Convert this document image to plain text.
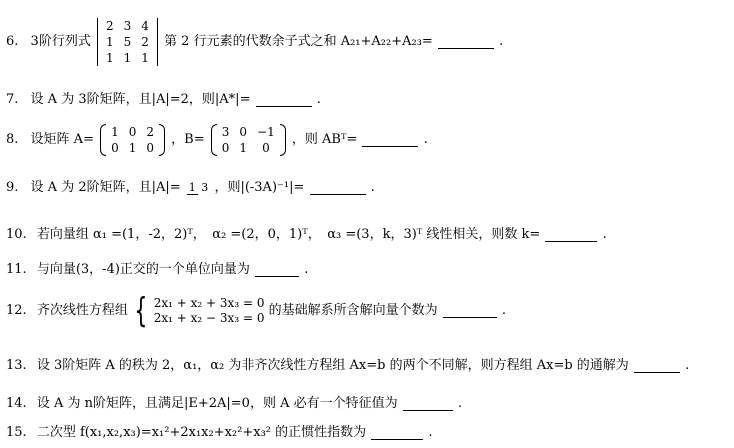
6. 3阶行列式
2	3	4
1	5	2
1	1	1
第 2 行元素的代数余子式之和 A₂₁+A₂₂+A₂₃=	.
7. 设 A 为 3阶矩阵，且|A|=2，则|A*|=	.
8. 设矩阵 A= 1	0	2
0	1	0
，B= 3	0	−1
0	1	0
，则 ABᵀ=	.
9. 设 A 为 2阶矩阵，且|A|= 1 3 ，则|(-3A)⁻¹|=	.
10. 若向量组 α₁ =(1，-2，2)ᵀ，　α₂ =(2，0，1)ᵀ，　α₃ =(3，k，3)ᵀ 线性相关，则数 k=	.
11. 与向量(3，-4)正交的一个单位向量为	.
12. 齐次线性方程组 { 2x₁ + x₂ + 3x₃ = 0
2x₁ + x₂ − 3x₃ = 0 的基础解系所含解向量个数为	.
13. 设 3阶矩阵 A 的秩为 2，α₁，α₂ 为非齐次线性方程组 Ax=b 的两个不同解，则方程组 Ax=b 的通解为	.
14. 设 A 为 n阶矩阵，且满足|E+2A|=0，则 A 必有一个特征值为	.
15. 二次型 f(x₁,x₂,x₃)=x₁²+2x₁x₂+x₂²+x₃² 的正惯性指数为	.
